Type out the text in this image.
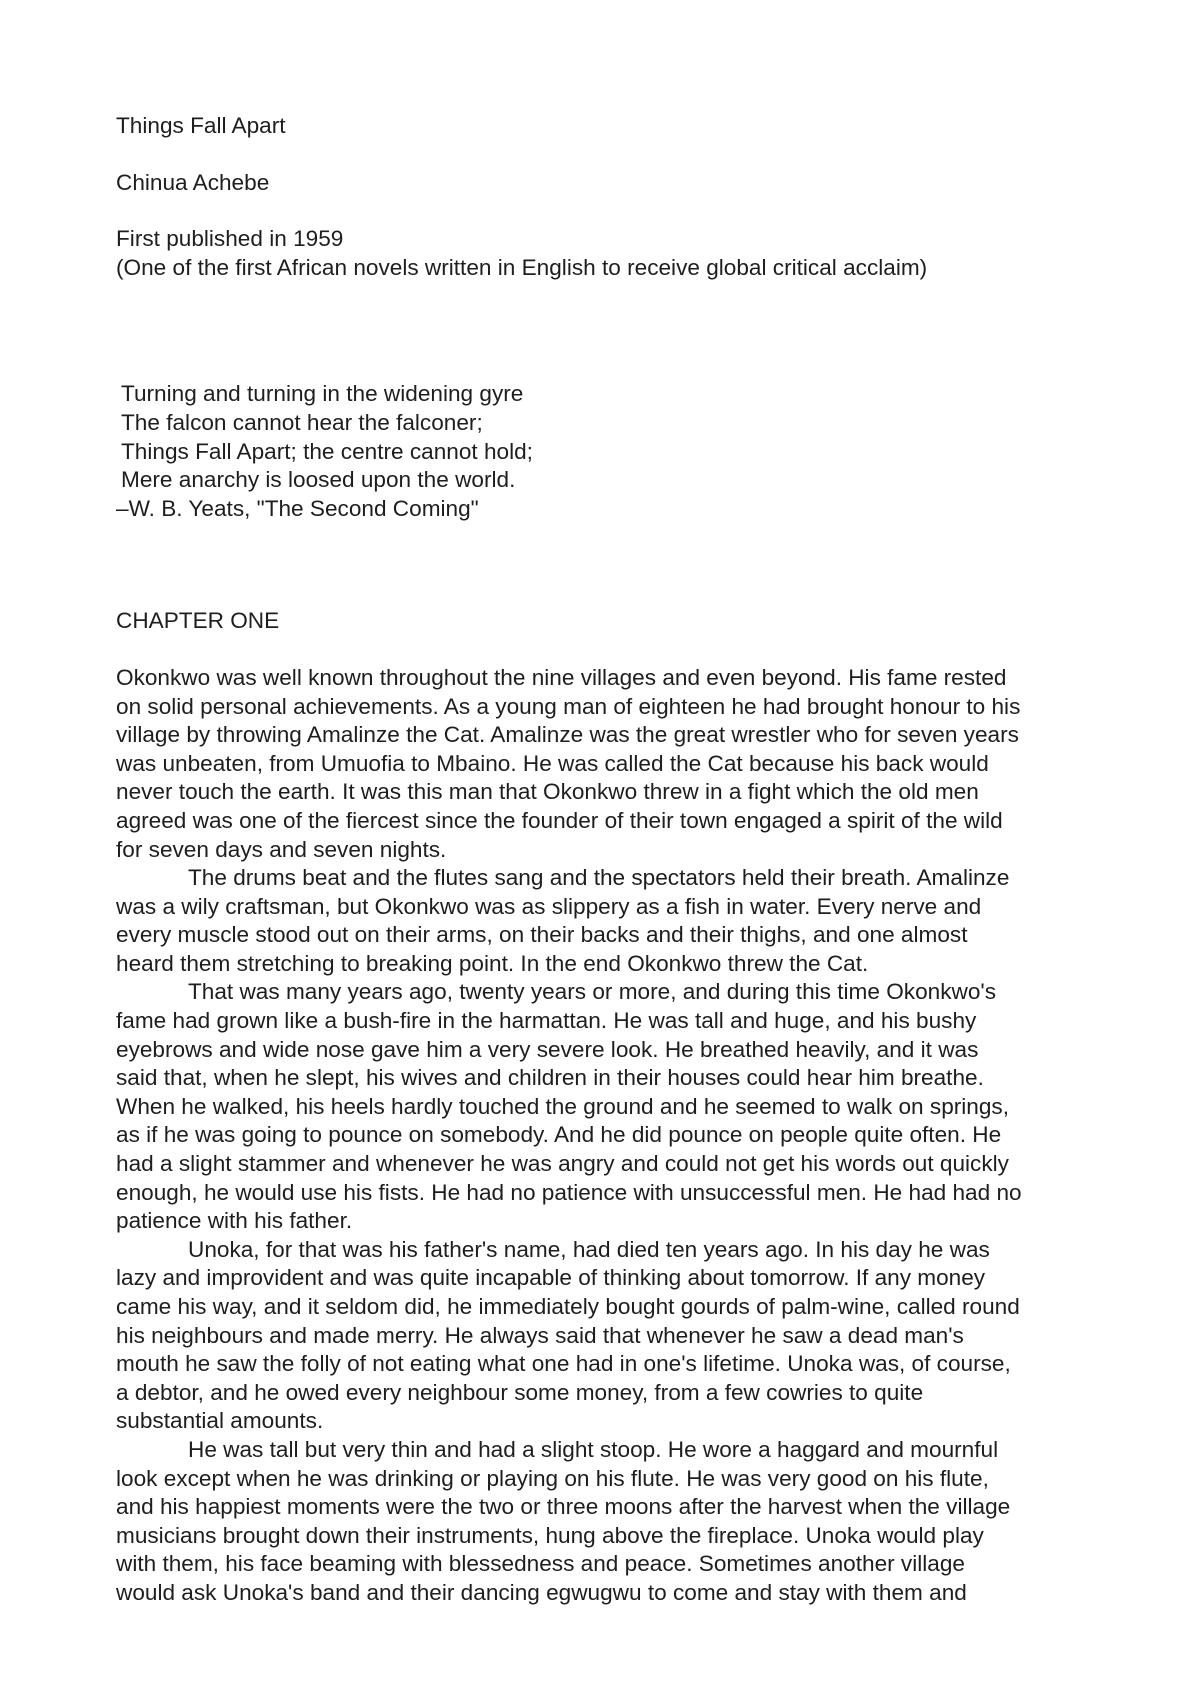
Things Fall Apart
Chinua Achebe
First published in 1959
(One of the first African novels written in English to receive global critical acclaim)
Turning and turning in the widening gyre
The falcon cannot hear the falconer;
Things Fall Apart; the centre cannot hold;
Mere anarchy is loosed upon the world.
–W. B. Yeats, "The Second Coming"
CHAPTER ONE
Okonkwo was well known throughout the nine villages and even beyond. His fame rested
on solid personal achievements. As a young man of eighteen he had brought honour to his
village by throwing Amalinze the Cat. Amalinze was the great wrestler who for seven years
was unbeaten, from Umuofia to Mbaino. He was called the Cat because his back would
never touch the earth. It was this man that Okonkwo threw in a fight which the old men
agreed was one of the fiercest since the founder of their town engaged a spirit of the wild
for seven days and seven nights.
The drums beat and the flutes sang and the spectators held their breath. Amalinze
was a wily craftsman, but Okonkwo was as slippery as a fish in water. Every nerve and
every muscle stood out on their arms, on their backs and their thighs, and one almost
heard them stretching to breaking point. In the end Okonkwo threw the Cat.
That was many years ago, twenty years or more, and during this time Okonkwo's
fame had grown like a bush-fire in the harmattan. He was tall and huge, and his bushy
eyebrows and wide nose gave him a very severe look. He breathed heavily, and it was
said that, when he slept, his wives and children in their houses could hear him breathe.
When he walked, his heels hardly touched the ground and he seemed to walk on springs,
as if he was going to pounce on somebody. And he did pounce on people quite often. He
had a slight stammer and whenever he was angry and could not get his words out quickly
enough, he would use his fists. He had no patience with unsuccessful men. He had had no
patience with his father.
Unoka, for that was his father's name, had died ten years ago. In his day he was
lazy and improvident and was quite incapable of thinking about tomorrow. If any money
came his way, and it seldom did, he immediately bought gourds of palm-wine, called round
his neighbours and made merry. He always said that whenever he saw a dead man's
mouth he saw the folly of not eating what one had in one's lifetime. Unoka was, of course,
a debtor, and he owed every neighbour some money, from a few cowries to quite
substantial amounts.
He was tall but very thin and had a slight stoop. He wore a haggard and mournful
look except when he was drinking or playing on his flute. He was very good on his flute,
and his happiest moments were the two or three moons after the harvest when the village
musicians brought down their instruments, hung above the fireplace. Unoka would play
with them, his face beaming with blessedness and peace. Sometimes another village
would ask Unoka's band and their dancing egwugwu to come and stay with them and
